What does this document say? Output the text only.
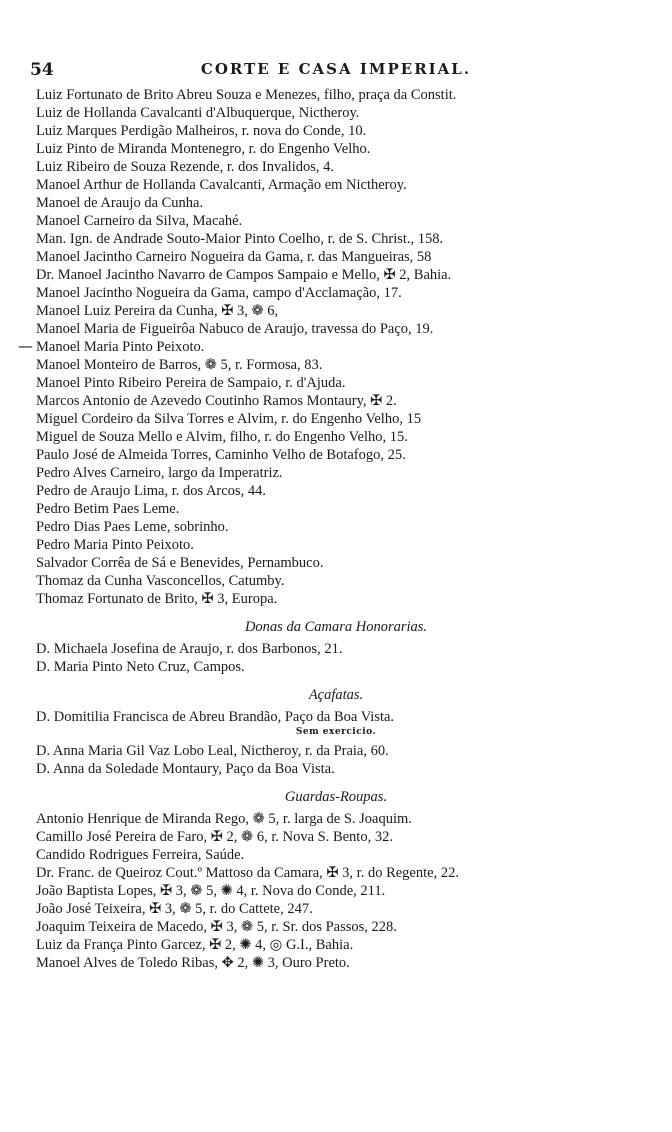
54	CORTE E CASA IMPERIAL.
—
Luiz Fortunato de Brito Abreu Souza e Menezes, filho, praça da Constit.
Luiz de Hollanda Cavalcanti d'Albuquerque, Nictheroy.
Luiz Marques Perdigão Malheiros, r. nova do Conde, 10.
Luiz Pinto de Miranda Montenegro, r. do Engenho Velho.
Luiz Ribeiro de Souza Rezende, r. dos Invalidos, 4.
Manoel Arthur de Hollanda Cavalcanti, Armação em Nictheroy.
Manoel de Araujo da Cunha.
Manoel Carneiro da Silva, Macahé.
Man. Ign. de Andrade Souto-Maior Pinto Coelho, r. de S. Christ., 158.
Manoel Jacintho Carneiro Nogueira da Gama, r. das Mangueiras, 58
Dr. Manoel Jacintho Navarro de Campos Sampaio e Mello, ✠ 2, Bahia.
Manoel Jacintho Nogueira da Gama, campo d'Acclamação, 17.
Manoel Luiz Pereira da Cunha, ✠ 3, ❁ 6,
Manoel Maria de Figueirôa Nabuco de Araujo, travessa do Paço, 19.
Manoel Maria Pinto Peixoto.
Manoel Monteiro de Barros, ❁ 5, r. Formosa, 83.
Manoel Pinto Ribeiro Pereira de Sampaio, r. d'Ajuda.
Marcos Antonio de Azevedo Coutinho Ramos Montaury, ✠ 2.
Miguel Cordeiro da Silva Torres e Alvim, r. do Engenho Velho, 15
Miguel de Souza Mello e Alvim, filho, r. do Engenho Velho, 15.
Paulo José de Almeida Torres, Caminho Velho de Botafogo, 25.
Pedro Alves Carneiro, largo da Imperatriz.
Pedro de Araujo Lima, r. dos Arcos, 44.
Pedro Betim Paes Leme.
Pedro Dias Paes Leme, sobrinho.
Pedro Maria Pinto Peixoto.
Salvador Corrêa de Sá e Benevides, Pernambuco.
Thomaz da Cunha Vasconcellos, Catumby.
Thomaz Fortunato de Brito, ✠ 3, Europa.
Donas da Camara Honorarias.
D. Michaela Josefina de Araujo, r. dos Barbonos, 21.
D. Maria Pinto Neto Cruz, Campos.
Açafatas.
D. Domitilia Francisca de Abreu Brandão, Paço da Boa Vista.
Sem exercicio.
D. Anna Maria Gil Vaz Lobo Leal, Nictheroy, r. da Praia, 60.
D. Anna da Soledade Montaury, Paço da Boa Vista.
Guardas-Roupas.
Antonio Henrique de Miranda Rego, ❁ 5, r. larga de S. Joaquim.
Camillo José Pereira de Faro, ✠ 2, ❁ 6, r. Nova S. Bento, 32.
Candido Rodrigues Ferreira, Saúde.
Dr. Franc. de Queiroz Cout.º Mattoso da Camara, ✠ 3, r. do Regente, 22.
João Baptista Lopes, ✠ 3, ❁ 5, ✺ 4, r. Nova do Conde, 211.
João José Teixeira, ✠ 3, ❁ 5, r. do Cattete, 247.
Joaquim Teixeira de Macedo, ✠ 3, ❁ 5, r. Sr. dos Passos, 228.
Luiz da França Pinto Garcez, ✠ 2, ✺ 4, ◎ G.I., Bahia.
Manoel Alves de Toledo Ribas, ✥ 2, ✺ 3, Ouro Preto.
